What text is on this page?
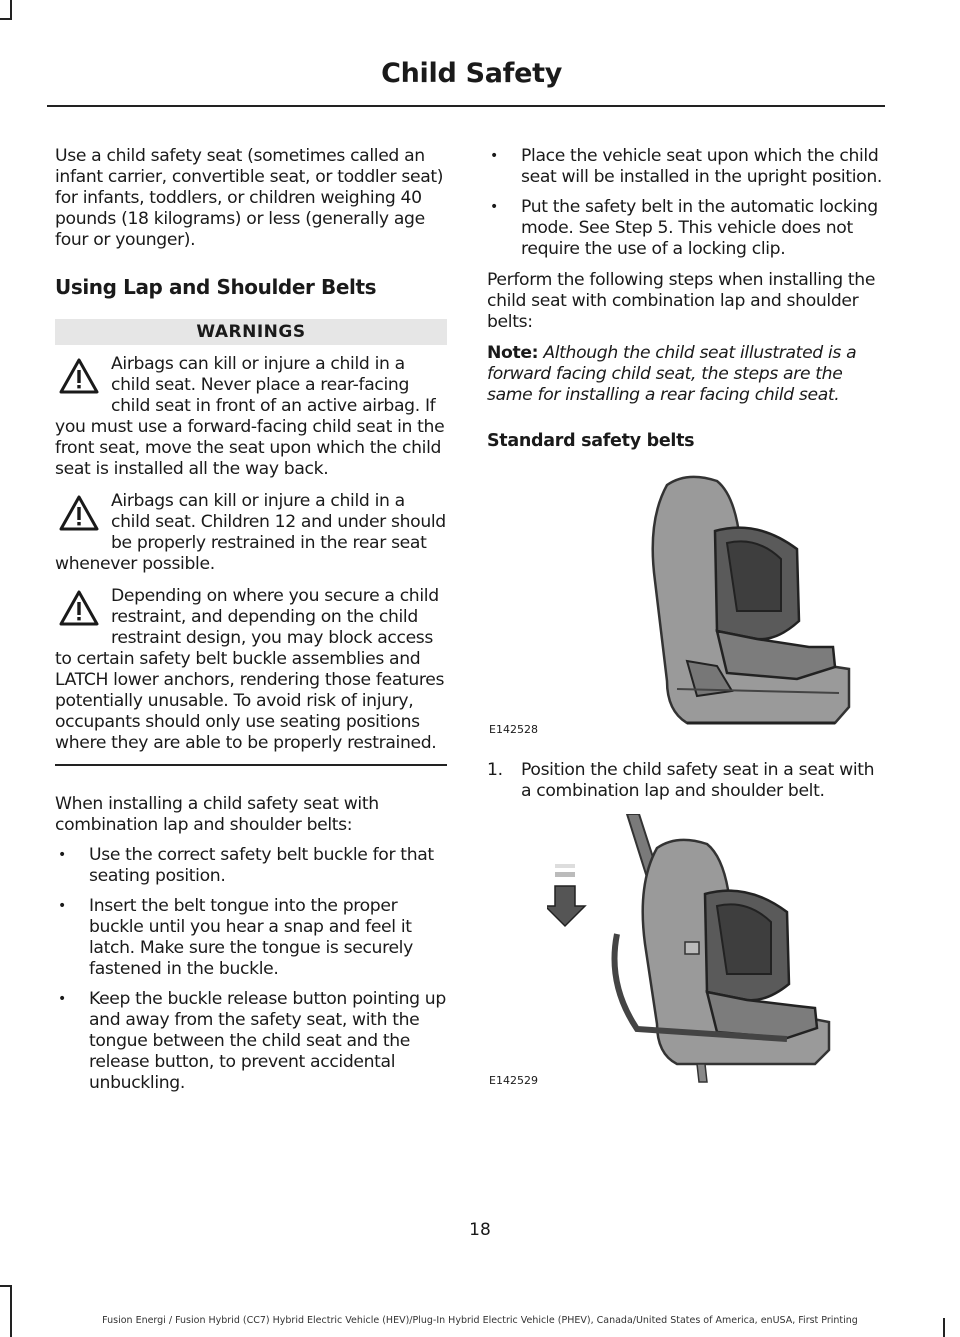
Child Safety

Use a child safety seat (sometimes called an infant carrier, convertible seat, or toddler seat) for infants, toddlers, or children weighing 40 pounds (18 kilograms) or less (generally age four or younger).

Using Lap and Shoulder Belts
WARNINGS

Airbags can kill or injure a child in a child seat. Never place a rear-facing child seat in front of an active airbag. If you must use a forward-facing child seat in the front seat, move the seat upon which the child seat is installed all the way back.

Airbags can kill or injure a child in a child seat. Children 12 and under should be properly restrained in the rear seat whenever possible.

Depending on where you secure a child restraint, and depending on the child restraint design, you may block access to certain safety belt buckle assemblies and LATCH lower anchors, rendering those features potentially unusable. To avoid risk of injury, occupants should only use seating positions where they are able to be properly restrained.

When installing a child safety seat with combination lap and shoulder belts:

• Use the correct safety belt buckle for that seating position.
• Insert the belt tongue into the proper buckle until you hear a snap and feel it latch. Make sure the tongue is securely fastened in the buckle.
• Keep the buckle release button pointing up and away from the safety seat, with the tongue between the child seat and the release button, to prevent accidental unbuckling.
• Place the vehicle seat upon which the child seat will be installed in the upright position.
• Put the safety belt in the automatic locking mode. See Step 5. This vehicle does not require the use of a locking clip.

Perform the following steps when installing the child seat with combination lap and shoulder belts:

Note: Although the child seat illustrated is a forward facing child seat, the steps are the same for installing a rear facing child seat.

Standard safety belts
E142528
1. Position the child safety seat in a seat with a combination lap and shoulder belt.
E142529
18
Fusion Energi / Fusion Hybrid (CC7) Hybrid Electric Vehicle (HEV)/Plug-In Hybrid Electric Vehicle (PHEV), Canada/United States of America, enUSA, First Printing
